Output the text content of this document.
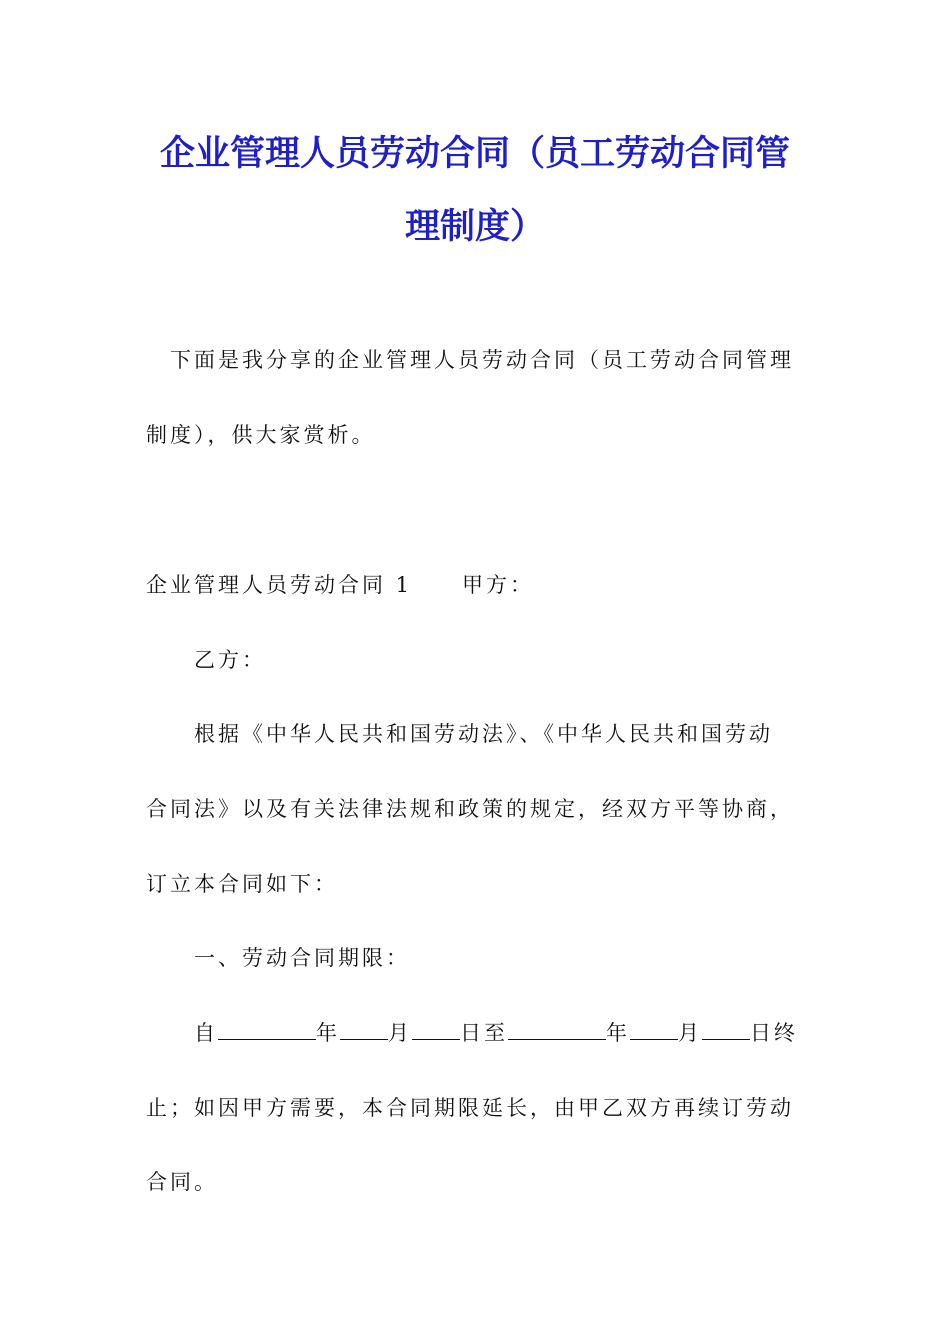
企业管理人员劳动合同（员工劳动合同管
理制度）
下面是我分享的企业管理人员劳动合同（员工劳动合同管理
制度），供大家赏析。
企业管理人员劳动合同 1 甲方：
乙方：
根据《中华人民共和国劳动法》、《中华人民共和国劳动
合同法》以及有关法律法规和政策的规定，经双方平等协商，
订立本合同如下：
一、劳动合同期限：
自	年 月 日至	年 月 日终
止；如因甲方需要，本合同期限延长，由甲乙双方再续订劳动
合同。
